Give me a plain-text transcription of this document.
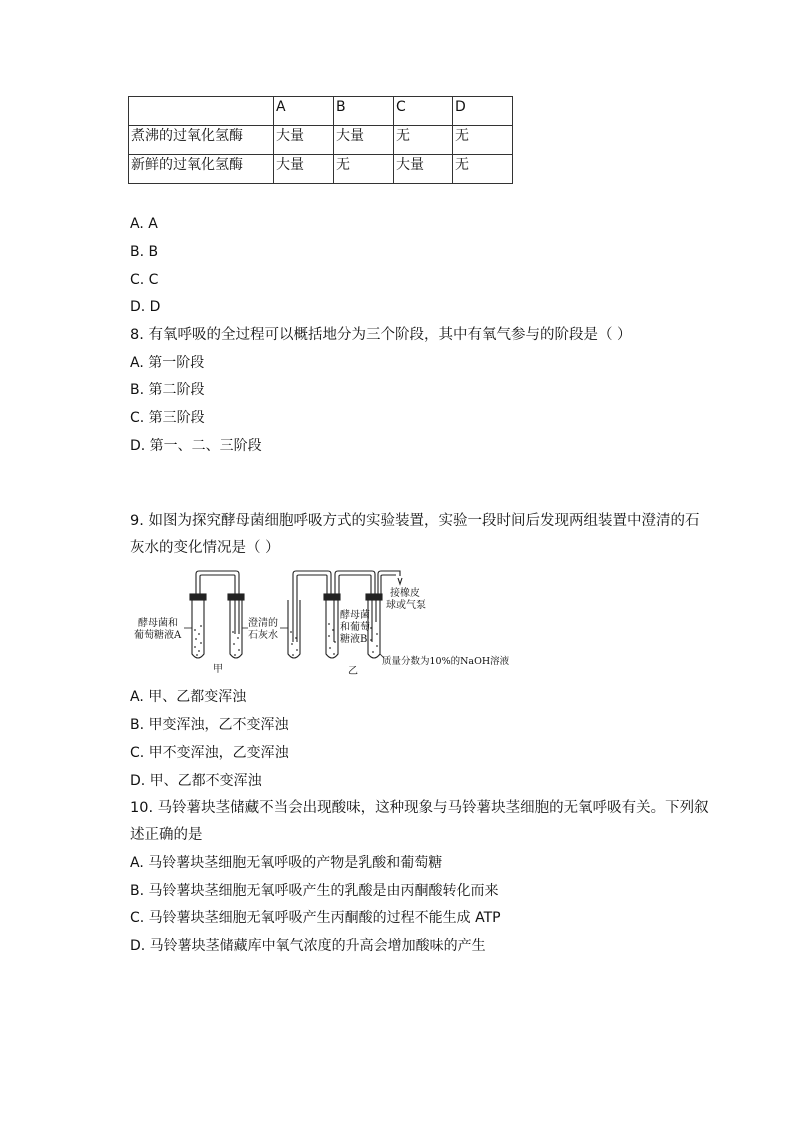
	A	B	C	D
煮沸的过氧化氢酶	大量	大量	无	无
新鲜的过氧化氢酶	大量	无	大量	无
A. A
B. B
C. C
D. D
8. 有氧呼吸的全过程可以概括地分为三个阶段，其中有氧气参与的阶段是（ ）
A. 第一阶段
B. 第二阶段
C. 第三阶段
D. 第一、二、三阶段
9. 如图为探究酵母菌细胞呼吸方式的实验装置，实验一段时间后发现两组装置中澄清的石
灰水的变化情况是（ ）
酵母菌和
葡萄糖液A
澄清的
石灰水
甲	乙
酵母菌
和葡萄
糖液B
接橡皮
球或气泵
质量分数为10%的NaOH溶液
A. 甲、乙都变浑浊
B. 甲变浑浊，乙不变浑浊
C. 甲不变浑浊，乙变浑浊
D. 甲、乙都不变浑浊
10. 马铃薯块茎储藏不当会出现酸味，这种现象与马铃薯块茎细胞的无氧呼吸有关。下列叙
述正确的是
A. 马铃薯块茎细胞无氧呼吸的产物是乳酸和葡萄糖
B. 马铃薯块茎细胞无氧呼吸产生的乳酸是由丙酮酸转化而来
C. 马铃薯块茎细胞无氧呼吸产生丙酮酸的过程不能生成 ATP
D. 马铃薯块茎储藏库中氧气浓度的升高会增加酸味的产生
